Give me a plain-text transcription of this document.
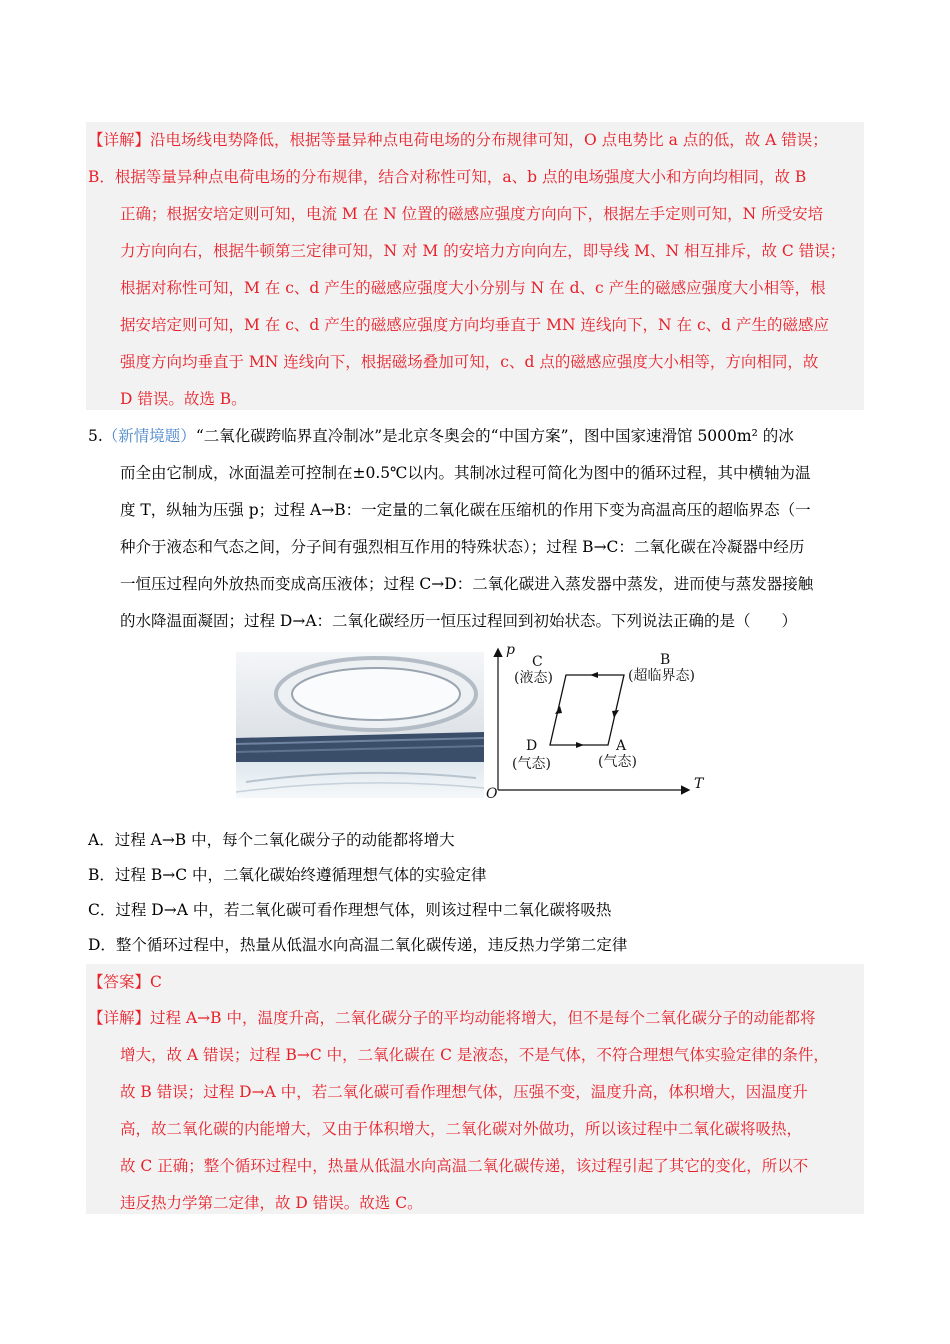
【详解】沿电场线电势降低，根据等量异种点电荷电场的分布规律可知，O 点电势比 a 点的低，故 A 错误；
B．根据等量异种点电荷电场的分布规律，结合对称性可知，a、b 点的电场强度大小和方向均相同，故 B
正确；根据安培定则可知，电流 M 在 N 位置的磁感应强度方向向下，根据左手定则可知，N 所受安培
力方向向右，根据牛顿第三定律可知，N 对 M 的安培力方向向左，即导线 M、N 相互排斥，故 C 错误；
根据对称性可知，M 在 c、d 产生的磁感应强度大小分别与 N 在 d、c 产生的磁感应强度大小相等，根
据安培定则可知，M 在 c、d 产生的磁感应强度方向均垂直于 MN 连线向下，N 在 c、d 产生的磁感应
强度方向均垂直于 MN 连线向下，根据磁场叠加可知，c、d 点的磁感应强度大小相等，方向相同，故
D 错误。故选 B。
5.（新情境题）“二氧化碳跨临界直冷制冰”是北京冬奥会的“中国方案”，图中国家速滑馆 5000m² 的冰
而全由它制成，冰面温差可控制在±0.5℃以内。其制冰过程可简化为图中的循环过程，其中横轴为温
度 T，纵轴为压强 p；过程 A→B：一定量的二氧化碳在压缩机的作用下变为高温高压的超临界态（一
种介于液态和气态之间，分子间有强烈相互作用的特殊状态）；过程 B→C：二氧化碳在冷凝器中经历
一恒压过程向外放热而变成高压液体；过程 C→D：二氧化碳进入蒸发器中蒸发，进而使与蒸发器接触
的水降温面凝固；过程 D→A：二氧化碳经历一恒压过程回到初始状态。下列说法正确的是（　　）
p
T
O
C
(液态)
B
(超临界态)
D
(气态)
A
(气态)
A．过程 A→B 中，每个二氧化碳分子的动能都将增大
B．过程 B→C 中，二氧化碳始终遵循理想气体的实验定律
C．过程 D→A 中，若二氧化碳可看作理想气体，则该过程中二氧化碳将吸热
D．整个循环过程中，热量从低温水向高温二氧化碳传递，违反热力学第二定律
【答案】C
【详解】过程 A→B 中，温度升高，二氧化碳分子的平均动能将增大，但不是每个二氧化碳分子的动能都将
增大，故 A 错误；过程 B→C 中，二氧化碳在 C 是液态，不是气体，不符合理想气体实验定律的条件，
故 B 错误；过程 D→A 中，若二氧化碳可看作理想气体，压强不变，温度升高，体积增大，因温度升
高，故二氧化碳的内能增大，又由于体积增大，二氧化碳对外做功，所以该过程中二氧化碳将吸热，
故 C 正确；整个循环过程中，热量从低温水向高温二氧化碳传递，该过程引起了其它的变化，所以不
违反热力学第二定律，故 D 错误。故选 C。
